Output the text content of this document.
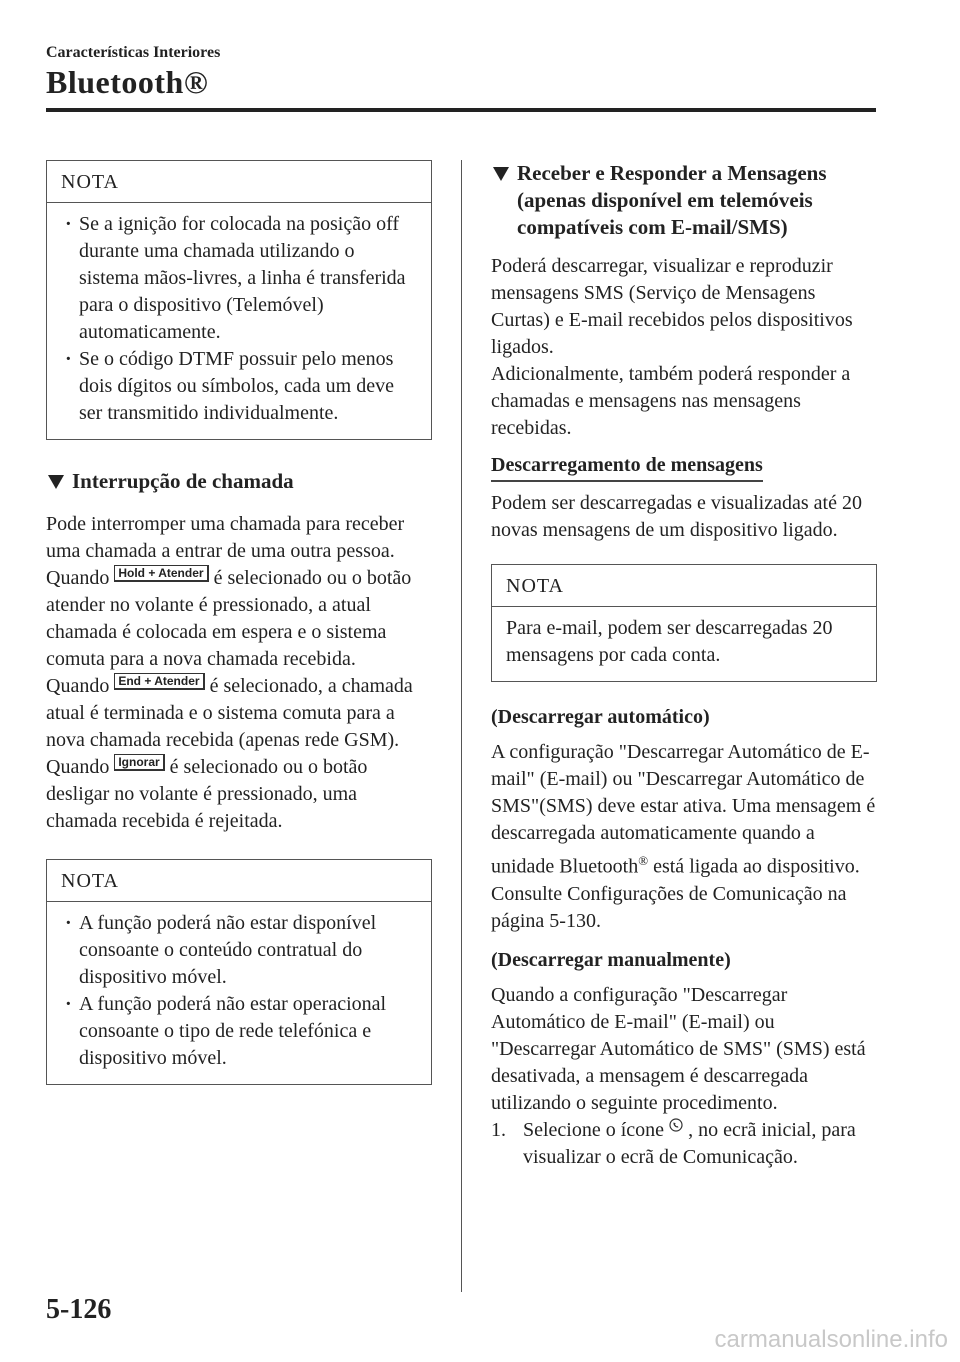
Características Interiores
Bluetooth®
NOTA

· Se a ignição for colocada na posição off durante uma chamada utilizando o sistema mãos-livres, a linha é transferida para o dispositivo (Telemóvel) automaticamente.

· Se o código DTMF possuir pelo menos dois dígitos ou símbolos, cada um deve ser transmitido individualmente.

Interrupção de chamada

Pode interromper uma chamada para receber uma chamada a entrar de uma outra pessoa.

Quando Hold + Atender é selecionado ou o botão atender no volante é pressionado, a atual chamada é colocada em espera e o sistema comuta para a nova chamada recebida.

Quando End + Atender é selecionado, a chamada atual é terminada e o sistema comuta para a nova chamada recebida (apenas rede GSM).

Quando Ignorar é selecionado ou o botão desligar no volante é pressionado, uma chamada recebida é rejeitada.

NOTA

· A função poderá não estar disponível consoante o conteúdo contratual do dispositivo móvel.

· A função poderá não estar operacional consoante o tipo de rede telefónica e dispositivo móvel.

Receber e Responder a Mensagens (apenas disponível em telemóveis compatíveis com E-mail/SMS)

Poderá descarregar, visualizar e reproduzir mensagens SMS (Serviço de Mensagens Curtas) e E-mail recebidos pelos dispositivos ligados.

Adicionalmente, também poderá responder a chamadas e mensagens nas mensagens recebidas.

Descarregamento de mensagens

Podem ser descarregadas e visualizadas até 20 novas mensagens de um dispositivo ligado.

NOTA

Para e-mail, podem ser descarregadas 20 mensagens por cada conta.

(Descarregar automático)

A configuração "Descarregar Automático de E-mail" (E-mail) ou "Descarregar Automático de SMS"(SMS) deve estar ativa. Uma mensagem é descarregada automaticamente quando a unidade Bluetooth® está ligada ao dispositivo.

Consulte Configurações de Comunicação na página 5-130.

(Descarregar manualmente)

Quando a configuração "Descarregar Automático de E-mail" (E-mail) ou "Descarregar Automático de SMS" (SMS) está desativada, a mensagem é descarregada utilizando o seguinte procedimento.

1. Selecione o ícone  , no ecrã inicial, para visualizar o ecrã de Comunicação.

5-126
carmanualsonline.info
